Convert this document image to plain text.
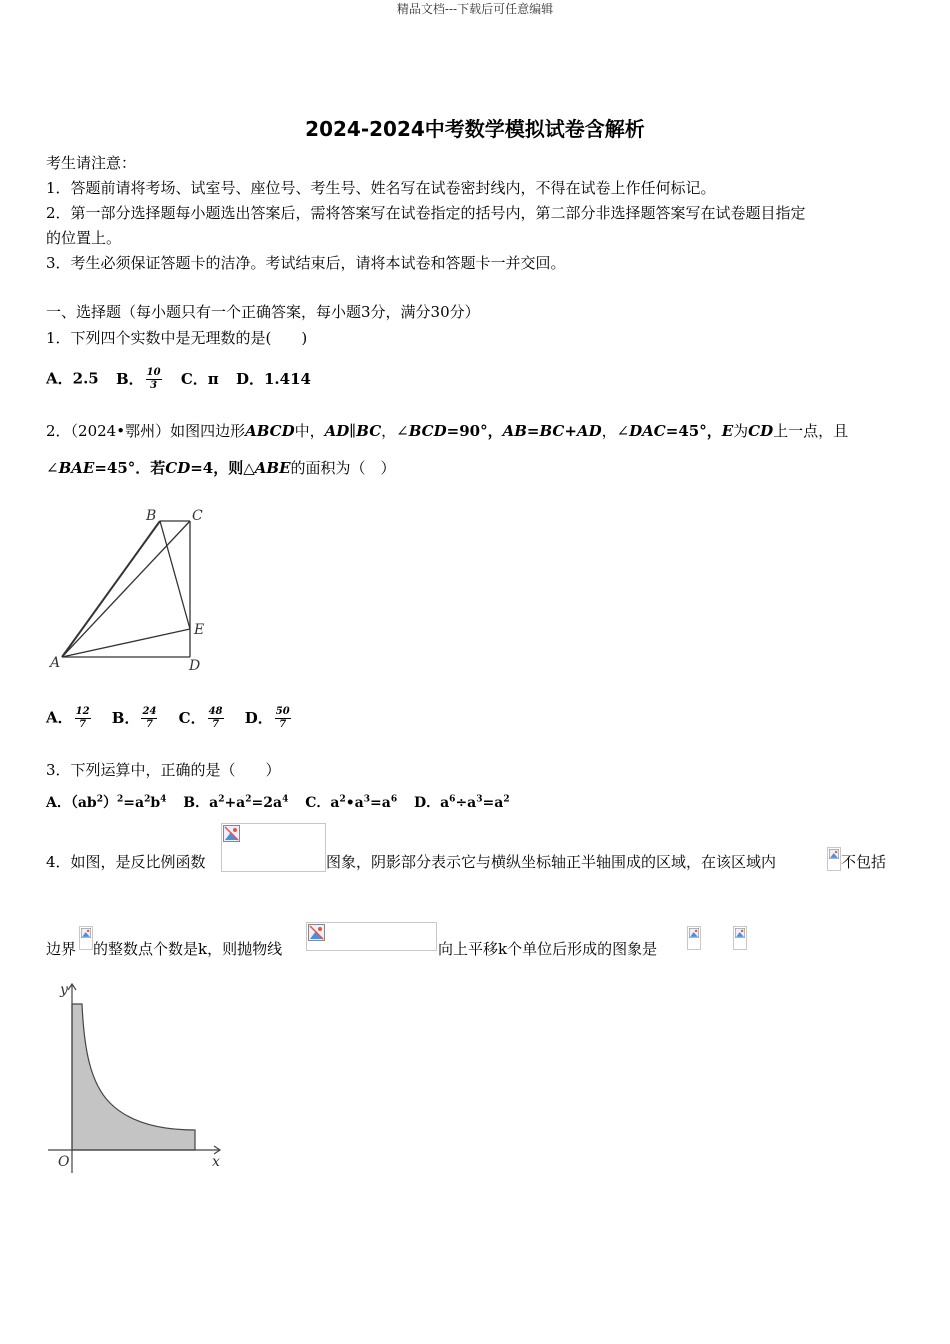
精品文档---下载后可任意编辑
2024-2024中考数学模拟试卷含解析
考生请注意：
1．答题前请将考场、试室号、座位号、考生号、姓名写在试卷密封线内，不得在试卷上作任何标记。
2．第一部分选择题每小题选出答案后，需将答案写在试卷指定的括号内，第二部分非选择题答案写在试卷题目指定
的位置上。
3．考生必须保证答题卡的洁净。考试结束后，请将本试卷和答题卡一并交回。
一、选择题（每小题只有一个正确答案，每小题3分，满分30分）
1．下列四个实数中是无理数的是(　　)
A．2.5 B． $\frac{10}{3}$ C．π D．1.414
2．（2024•鄂州）如图四边形ABCD中，AD∥BC，∠BCD=90°，AB=BC+AD，∠DAC=45°，E为CD上一点，且
∠BAE=45°．若CD=4，则△ABE的面积为（　）
B	C
E
A	D
A． $\frac{12}{7}$ B． $\frac{24}{7}$ C． $\frac{48}{7}$ D． $\frac{50}{7}$
3．下列运算中，正确的是（　　）
A．$(ab^2)^2=a^2b^4$ B．$a^2+a^2=2a^4$ C．$a^2•a^3=a^6$ D．$a^6\div a^3=a^2$
4．如图，是反比例函数	图象，阴影部分表示它与横纵坐标轴正半轴围成的区域，在该区域内	不包括
边界 的整数点个数是k，则抛物线	向上平移k个单位后形成的图象是
y
x
O
